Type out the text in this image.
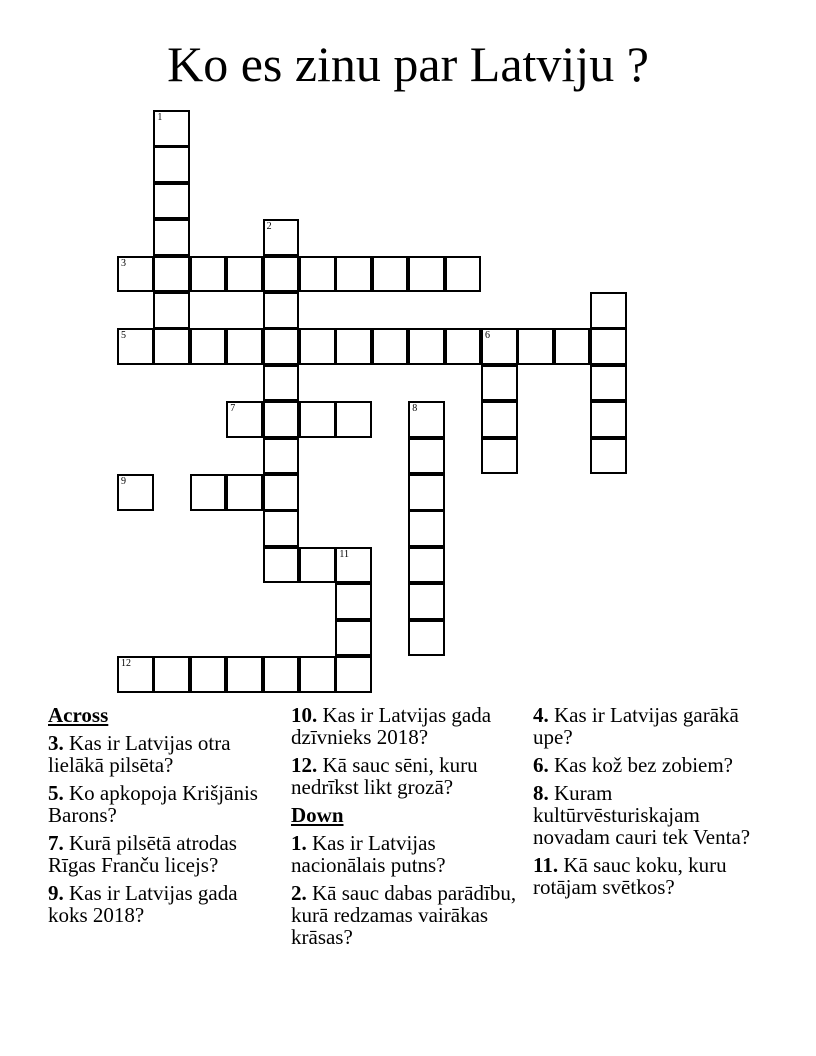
Ko es zinu par Latviju ?
1
2
3
5	6
7	8
9
11
12
Across
3. Kas ir Latvijas otra lielākā pilsēta?
5. Ko apkopoja Krišjānis Barons?
7. Kurā pilsētā atrodas Rīgas Franču licejs?
9. Kas ir Latvijas gada koks 2018?
10. Kas ir Latvijas gada dzīvnieks 2018?
12. Kā sauc sēni, kuru nedrīkst likt grozā?
Down
1. Kas ir Latvijas nacionālais putns?
2. Kā sauc dabas parādību, kurā redzamas vairākas krāsas?
4. Kas ir Latvijas garākā upe?
6. Kas kož bez zobiem?
8. Kuram kultūrvēsturiskajam novadam cauri tek Venta?
11. Kā sauc koku, kuru rotājam svētkos?
